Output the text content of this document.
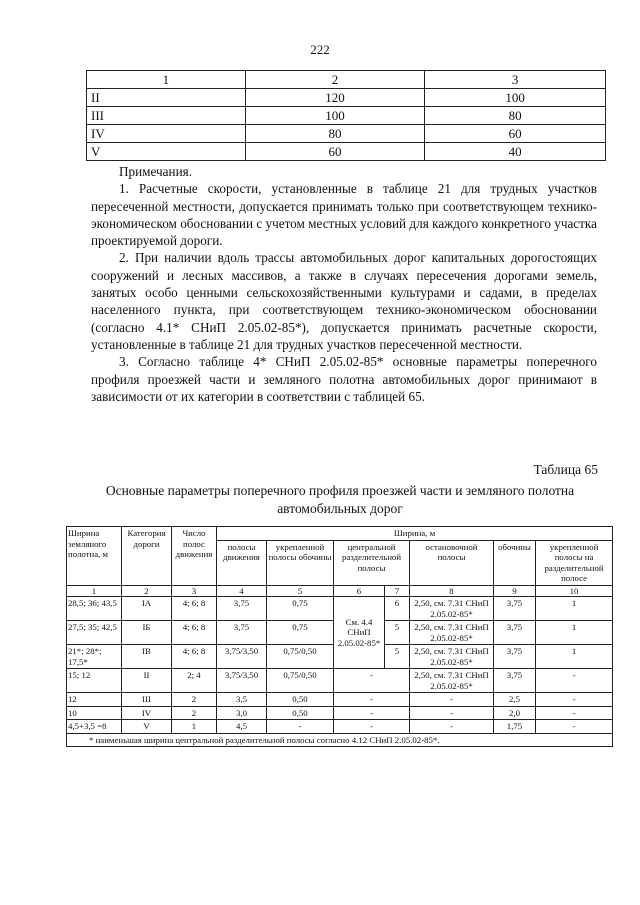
222
1	2	3
II	120	100
III	100	80
IV	80	60
V	60	40

Примечания.

1. Расчетные скорости, установленные в таблице 21 для трудных участков пересеченной местности, допускается принимать только при соответствующем технико-экономическом обосновании с учетом местных условий для каждого конкретного участка проектируемой дороги.

2. При наличии вдоль трассы автомобильных дорог капитальных дорогостоящих сооружений и лесных массивов, а также в случаях пересечения дорогами земель, занятых особо ценными сельскохозяйственными культурами и садами, в пределах населенного пункта, при соответствующем технико-экономическом обосновании (согласно 4.1* СНиП 2.05.02-85*), допускается принимать расчетные скорости, установленные в таблице 21 для трудных участков пересеченной местности.

3. Согласно таблице 4* СНиП 2.05.02-85* основные параметры поперечного профиля проезжей части и земляного полотна автомобильных дорог принимают в зависимости от их категории в соответствии с таблицей 65.

Таблица 65
Основные параметры поперечного профиля проезжей части и земляного полотна автомобильных дорог
Ширина земляного полотна, м	Категория дороги	Число полос движения	Ширина, м						
			полосы движения	укрепленной полосы обочины	центральной разделительной полосы		остановочной полосы	обочины	укрепленной полосы на разделительной полосе
1	2	3	4	5	6	7	8	9	10
28,5; 36; 43,5	IA	4; 6; 8	3,75	0,75	См. 4.4 СНиП 2.05.02-85*	6	2,50, см. 7.31 СНиП 2.05.02-85*	3,75	1
27,5; 35; 42,5	IБ	4; 6; 8	3,75	0,75		5	2,50, см. 7.31 СНиП 2.05.02-85*	3,75	1
21*; 28*; 17,5*	IB	4; 6; 8	3,75/3,50	0,75/0,50		5	2,50, см. 7.31 СНиП 2.05.02-85*	3,75	1
15; 12	II	2; 4	3,75/3,50	0,75/0,50	-		2,50, см. 7.31 СНиП 2.05.02-85*	3,75	-
12	III	2	3,5	0,50	-		-	2,5	-
10	IV	2	3,0	0,50	-		-	2,0	-
4,5+3,5 =8	V	1	4,5	-	-		-	1,75	-
* наименьшая ширина центральной разделительной полосы согласно 4.12 СНиП 2.05.02-85*.									
